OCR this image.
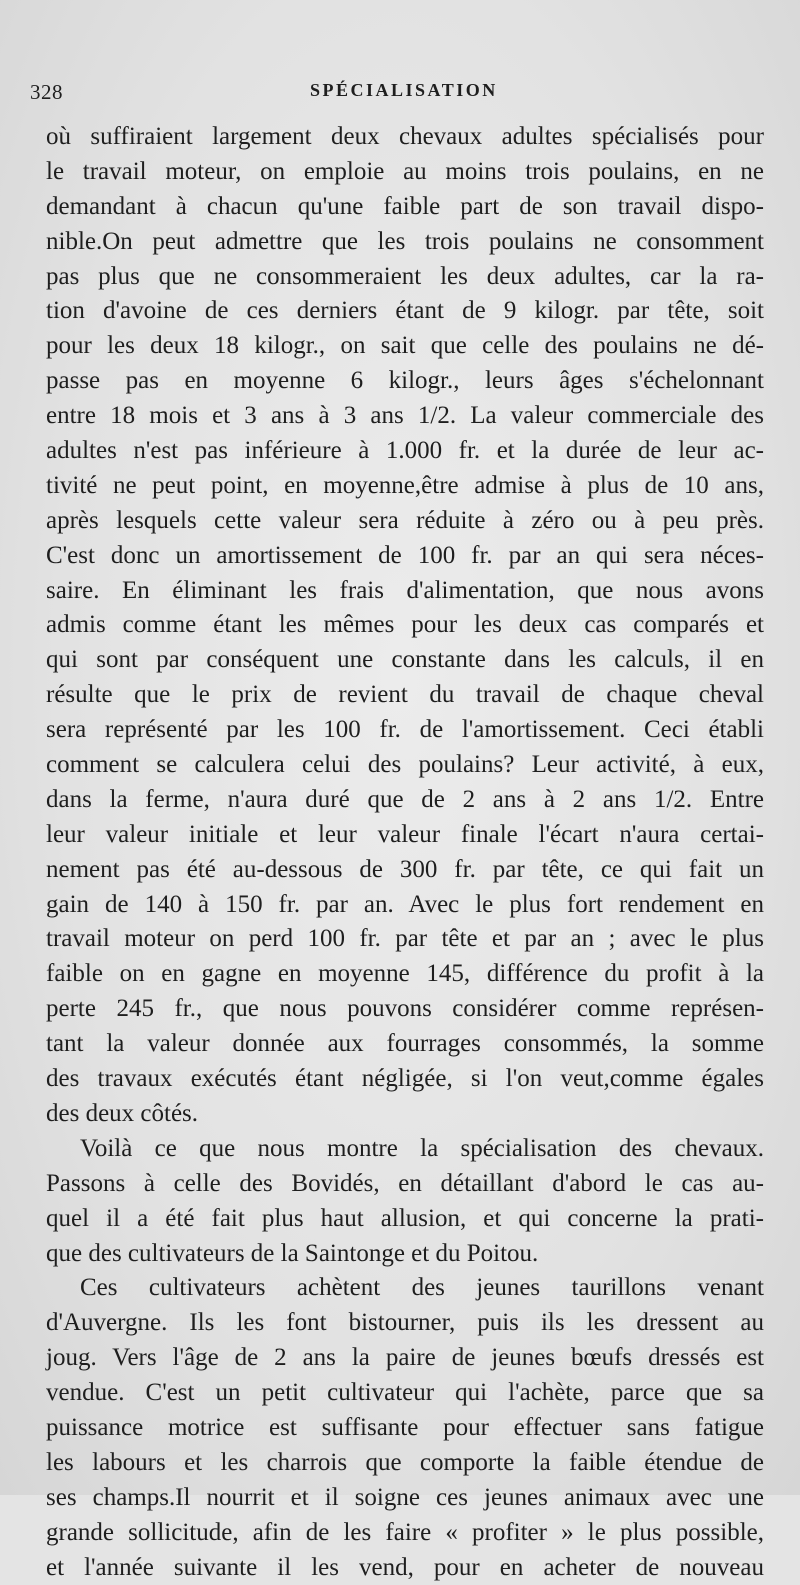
328	SPÉCIALISATION
où suffiraient largement deux chevaux adultes spécialisés pour
le travail moteur, on emploie au moins trois poulains, en ne
demandant à chacun qu'une faible part de son travail dispo-
nible.On peut admettre que les trois poulains ne consomment
pas plus que ne consommeraient les deux adultes, car la ra-
tion d'avoine de ces derniers étant de 9 kilogr. par tête, soit
pour les deux 18 kilogr., on sait que celle des poulains ne dé-
passe pas en moyenne 6 kilogr., leurs âges s'échelonnant
entre 18 mois et 3 ans à 3 ans 1/2. La valeur commerciale des
adultes n'est pas inférieure à 1.000 fr. et la durée de leur ac-
tivité ne peut point, en moyenne,être admise à plus de 10 ans,
après lesquels cette valeur sera réduite à zéro ou à peu près.
C'est donc un amortissement de 100 fr. par an qui sera néces-
saire. En éliminant les frais d'alimentation, que nous avons
admis comme étant les mêmes pour les deux cas comparés et
qui sont par conséquent une constante dans les calculs, il en
résulte que le prix de revient du travail de chaque cheval
sera représenté par les 100 fr. de l'amortissement. Ceci établi
comment se calculera celui des poulains? Leur activité, à eux,
dans la ferme, n'aura duré que de 2 ans à 2 ans 1/2. Entre
leur valeur initiale et leur valeur finale l'écart n'aura certai-
nement pas été au-dessous de 300 fr. par tête, ce qui fait un
gain de 140 à 150 fr. par an. Avec le plus fort rendement en
travail moteur on perd 100 fr. par tête et par an ; avec le plus
faible on en gagne en moyenne 145, différence du profit à la
perte 245 fr., que nous pouvons considérer comme représen-
tant la valeur donnée aux fourrages consommés, la somme
des travaux exécutés étant négligée, si l'on veut,comme égales
des deux côtés.
Voilà ce que nous montre la spécialisation des chevaux.
Passons à celle des Bovidés, en détaillant d'abord le cas au-
quel il a été fait plus haut allusion, et qui concerne la prati-
que des cultivateurs de la Saintonge et du Poitou.
Ces cultivateurs achètent des jeunes taurillons venant
d'Auvergne. Ils les font bistourner, puis ils les dressent au
joug. Vers l'âge de 2 ans la paire de jeunes bœufs dressés est
vendue. C'est un petit cultivateur qui l'achète, parce que sa
puissance motrice est suffisante pour effectuer sans fatigue
les labours et les charrois que comporte la faible étendue de
ses champs.Il nourrit et il soigne ces jeunes animaux avec une
grande sollicitude, afin de les faire « profiter » le plus possible,
et l'année suivante il les vend, pour en acheter de nouveau
